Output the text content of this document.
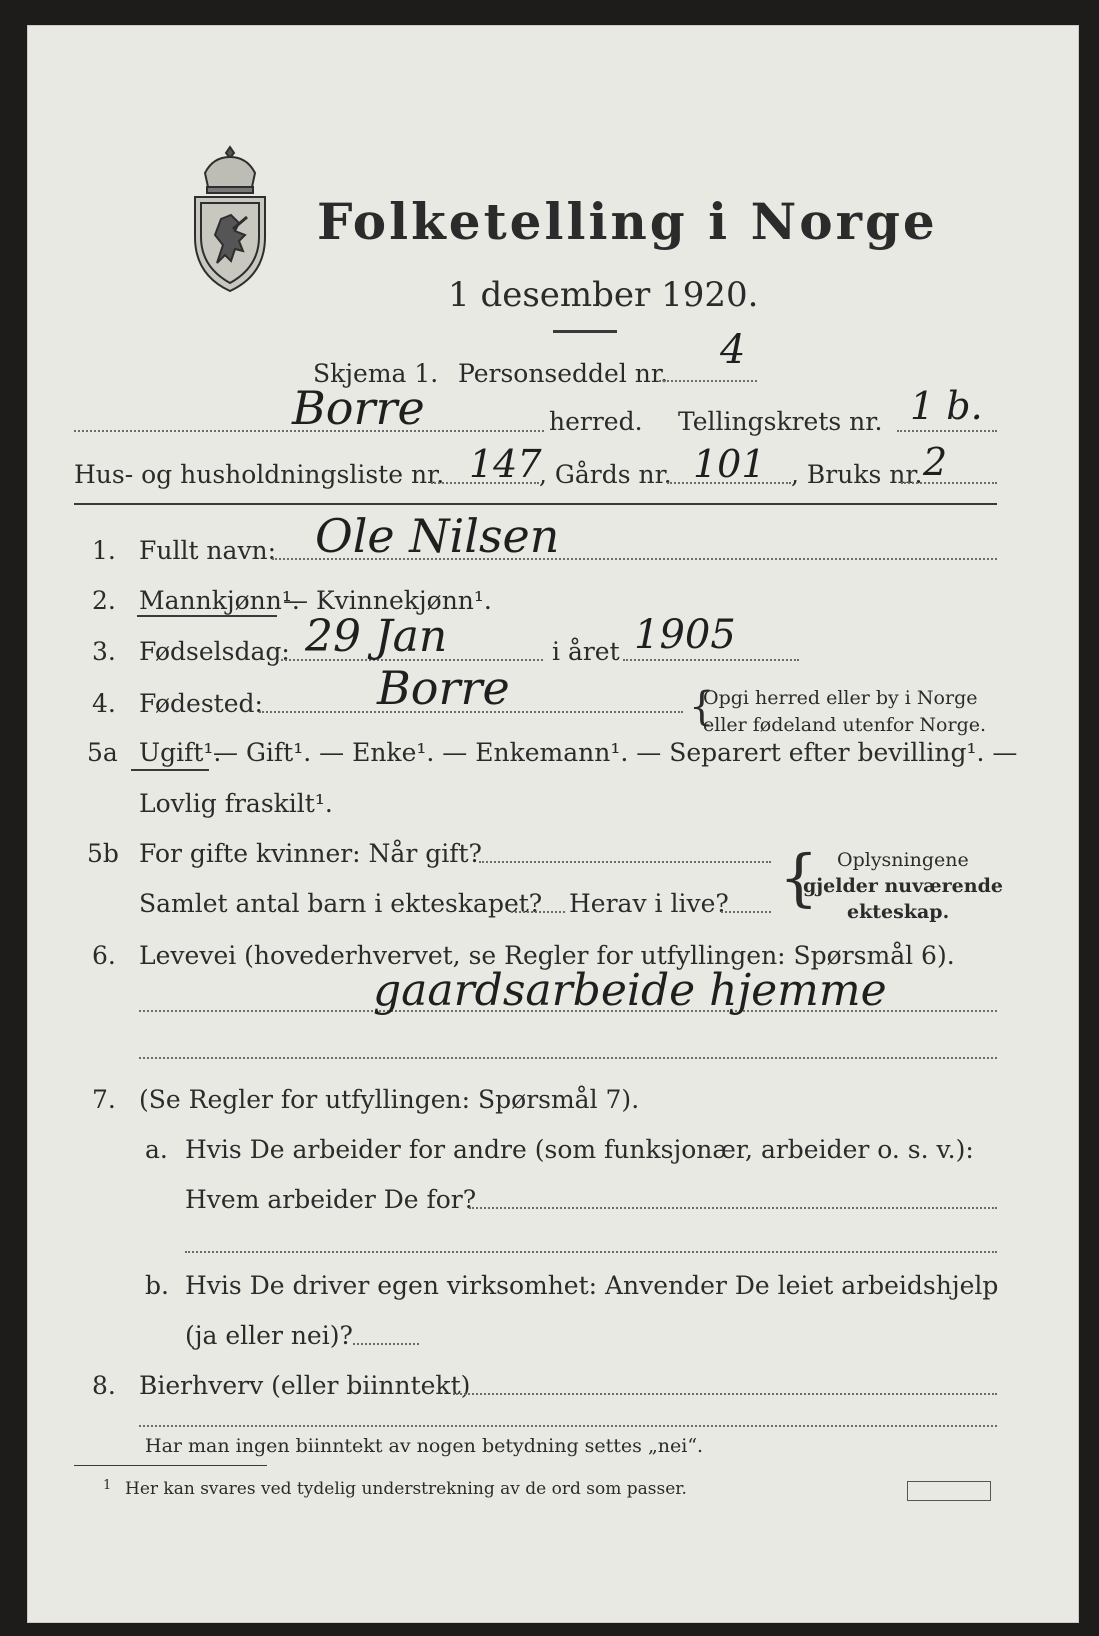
Folketelling i Norge
1 desember 1920.
Skjema 1. Personseddel nr.
4
Borre	herred. Tellingskrets nr. 1 b.
Hus- og husholdningsliste nr. 147
, Gårds nr. 101 , Bruks nr. 2
1. Fullt navn: Ole Nilsen
2. Mannkjønn¹.
— Kvinnekjønn¹.
3. Fødselsdag: 29 Jan	i året 1905
4. Fødested: Borre	{
Opgi herred eller by i Norge
eller fødeland utenfor Norge.
5a Ugift¹.
— Gift¹. — Enke¹. — Enkemann¹. — Separert efter bevilling¹. —
Lovlig fraskilt¹.
5b For gifte kvinner: Når gift?
Samlet antal barn i ekteskapet? Herav i live? { Oplysningene
gjelder nuværende
ekteskap.
6. Levevei (hovederhvervet, se Regler for utfyllingen: Spørsmål 6).
gaardsarbeide hjemme
7. (Se Regler for utfyllingen: Spørsmål 7).
a. Hvis De arbeider for andre (som funksjonær, arbeider o. s. v.):
Hvem arbeider De for?
b. Hvis De driver egen virksomhet: Anvender De leiet arbeidshjelp
(ja eller nei)?
8. Bierhverv (eller biinntekt)
Har man ingen biinntekt av nogen betydning settes „nei“.
1 Her kan svares ved tydelig understrekning av de ord som passer.
